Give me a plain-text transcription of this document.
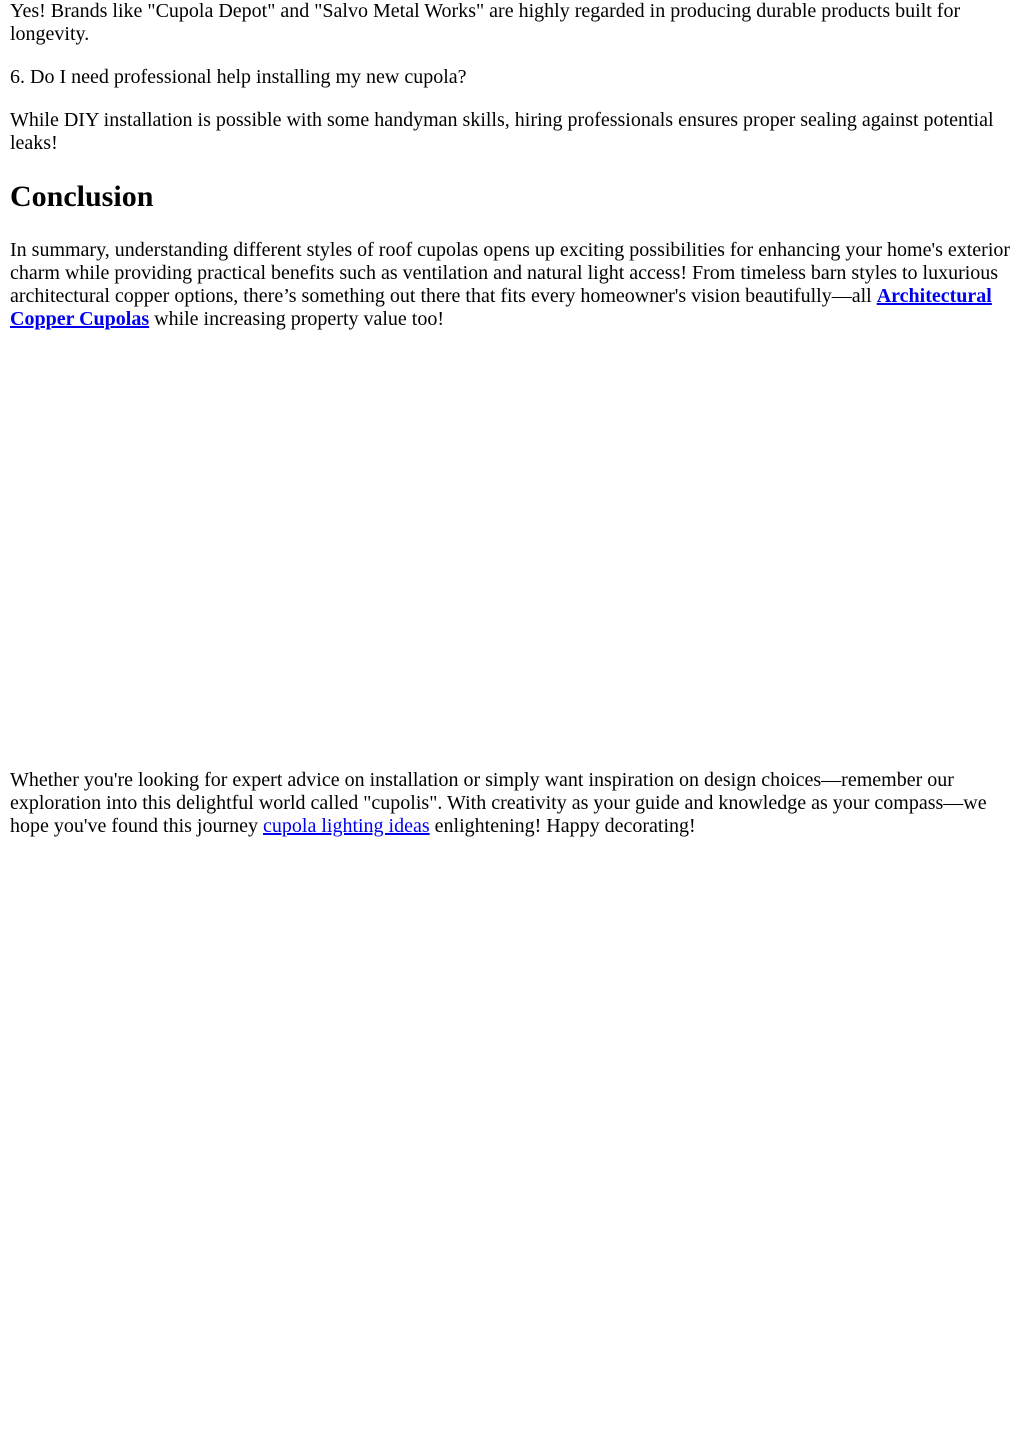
Yes! Brands like "Cupola Depot" and "Salvo Metal Works" are highly regarded in producing durable products built for longevity.

6. Do I need professional help installing my new cupola?

While DIY installation is possible with some handyman skills, hiring professionals ensures proper sealing against potential leaks!

Conclusion

In summary, understanding different styles of roof cupolas opens up exciting possibilities for enhancing your home's exterior charm while providing practical benefits such as ventilation and natural light access! From timeless barn styles to luxurious architectural copper options, there’s something out there that fits every homeowner's vision beautifully—all Architectural Copper Cupolas while increasing property value too!

Whether you're looking for expert advice on installation or simply want inspiration on design choices—remember our exploration into this delightful world called "cupolis". With creativity as your guide and knowledge as your compass—we hope you've found this journey cupola lighting ideas enlightening! Happy decorating!
